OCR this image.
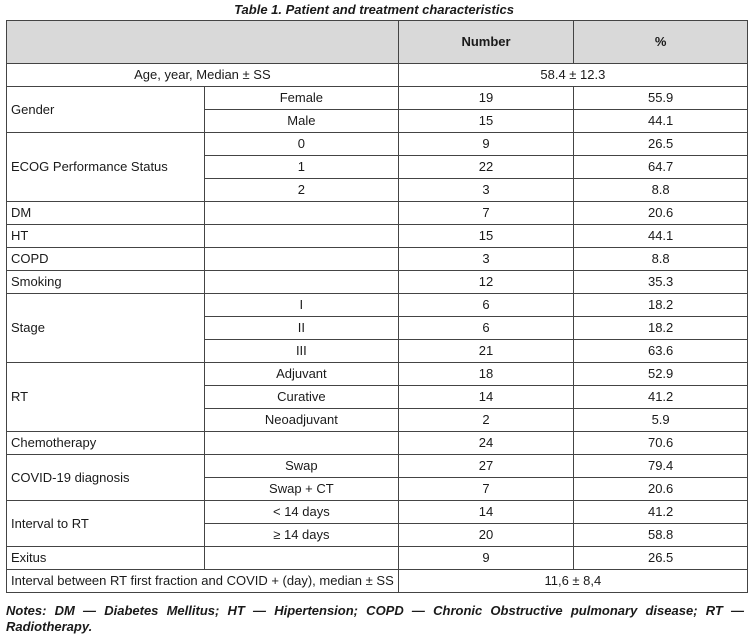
Table 1. Patient and treatment characteristics
		Number	%
Age, year, Median ± SS		58.4 ± 12.3	
Gender	Female	19	55.9
	Male	15	44.1
ECOG Performance Status	0	9	26.5
	1	22	64.7
	2	3	8.8
DM		7	20.6
HT		15	44.1
COPD		3	8.8
Smoking		12	35.3
Stage	I	6	18.2
	II	6	18.2
	III	21	63.6
RT	Adjuvant	18	52.9
	Curative	14	41.2
	Neoadjuvant	2	5.9
Chemotherapy		24	70.6
COVID-19 diagnosis	Swap	27	79.4
	Swap + CT	7	20.6
Interval to RT	< 14 days	14	41.2
	≥ 14 days	20	58.8
Exitus		9	26.5
Interval between RT first fraction and COVID + (day), median ± SS		11,6 ± 8,4	
Notes: DM — Diabetes Mellitus; HT — Hipertension; COPD — Chronic Obstructive pulmonary disease; RT — Radiotherapy.
